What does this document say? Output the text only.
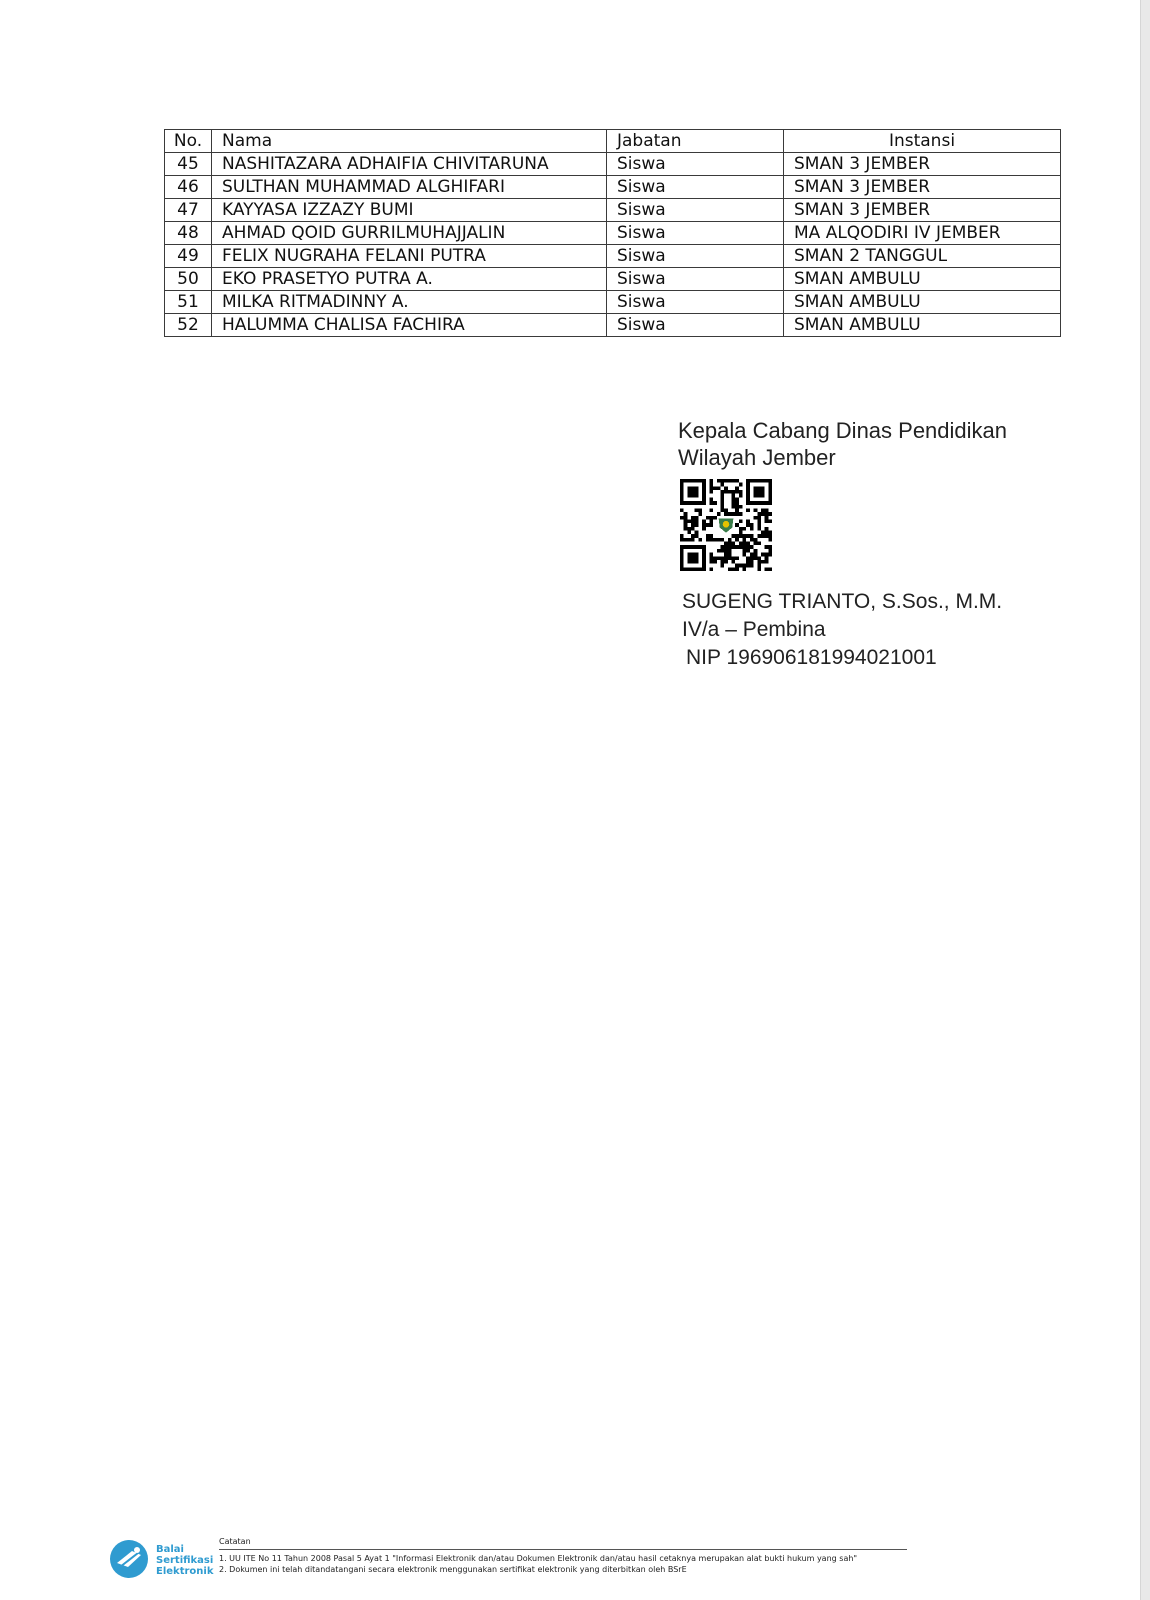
No.	Nama	Jabatan	Instansi
45	NASHITAZARA ADHAIFIA CHIVITARUNA	Siswa	SMAN 3 JEMBER
46	SULTHAN MUHAMMAD ALGHIFARI	Siswa	SMAN 3 JEMBER
47	KAYYASA IZZAZY BUMI	Siswa	SMAN 3 JEMBER
48	AHMAD QOID GURRILMUHAJJALIN	Siswa	MA ALQODIRI IV JEMBER
49	FELIX NUGRAHA FELANI PUTRA	Siswa	SMAN 2 TANGGUL
50	EKO PRASETYO PUTRA A.	Siswa	SMAN AMBULU
51	MILKA RITMADINNY A.	Siswa	SMAN AMBULU
52	HALUMMA CHALISA FACHIRA	Siswa	SMAN AMBULU
Kepala Cabang Dinas Pendidikan
Wilayah Jember
SUGENG TRIANTO, S.Sos., M.M.
IV/a – Pembina
NIP 196906181994021001
Balai
Sertifikasi
Elektronik
Catatan
1. UU ITE No 11 Tahun 2008 Pasal 5 Ayat 1 "Informasi Elektronik dan/atau Dokumen Elektronik dan/atau hasil cetaknya merupakan alat bukti hukum yang sah"
2. Dokumen ini telah ditandatangani secara elektronik menggunakan sertifikat elektronik yang diterbitkan oleh BSrE
